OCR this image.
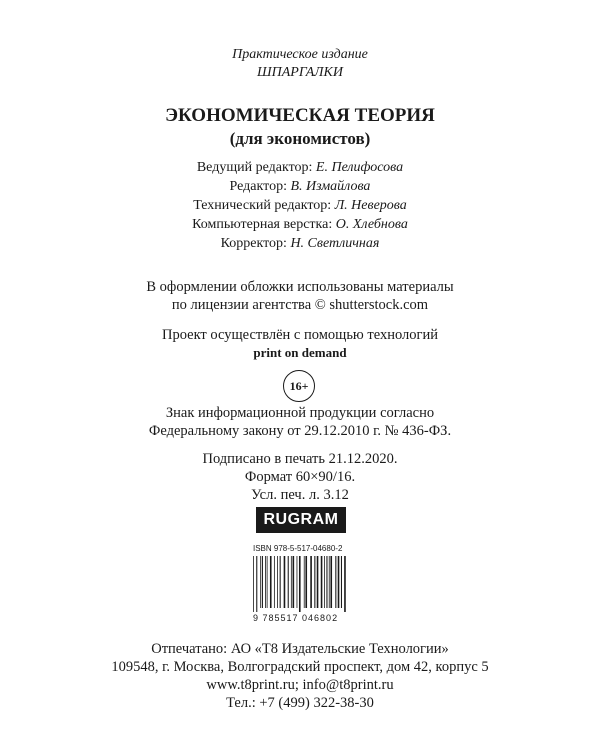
Практическое издание
ШПАРГАЛКИ
ЭКОНОМИЧЕСКАЯ ТЕОРИЯ
(для экономистов)
Ведущий редактор: Е. Пелифосова
Редактор: В. Измайлова
Технический редактор: Л. Неверова
Компьютерная верстка: О. Хлебнова
Корректор: Н. Светличная
В оформлении обложки использованы материалы
по лицензии агентства © shutterstock.com
Проект осуществлён с помощью технологий
print on demand
16+
Знак информационной продукции согласно
Федеральному закону от 29.12.2010 г. № 436-ФЗ.
Подписано в печать 21.12.2020.
Формат 60×90/16.
Усл. печ. л. 3.12
RUGRAM
ISBN 978-5-517-04680-2
9 785517 046802
Отпечатано: АО «Т8 Издательские Технологии»
109548, г. Москва, Волгоградский проспект, дом 42, корпус 5
www.t8print.ru; info@t8print.ru
Тел.: +7 (499) 322-38-30
